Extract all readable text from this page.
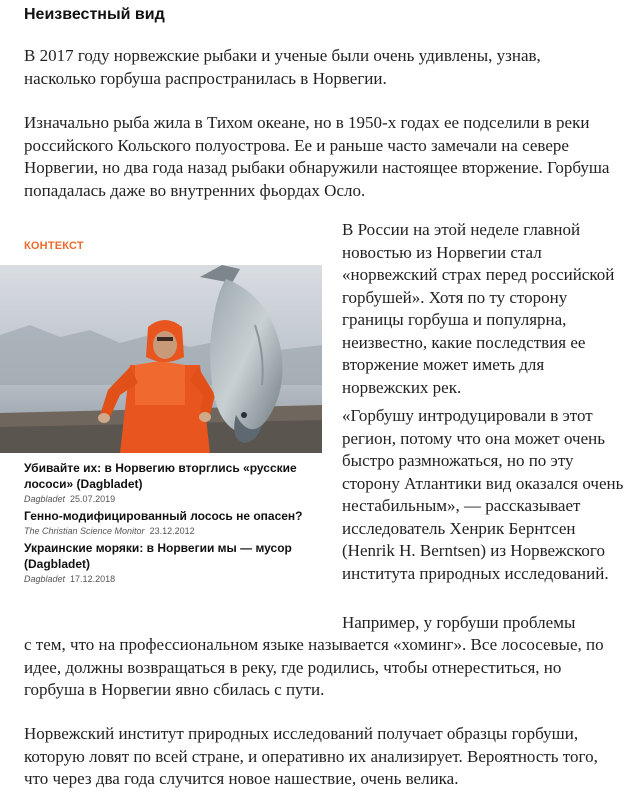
Неизвестный вид

В 2017 году норвежские рыбаки и ученые были очень удивлены, узнав, насколько горбуша распространилась в Норвегии.

Изначально рыба жила в Тихом океане, но в 1950-х годах ее подселили в реки российского Кольского полуострова. Ее и раньше часто замечали на севере Норвегии, но два года назад рыбаки обнаружили настоящее вторжение. Горбуша попадалась даже во внутренних фьордах Осло.

КОНТЕКСТ
Убивайте их: в Норвегию вторглись «русские лососи» (Dagbladet)
Dagbladet 25.07.2019
Генно-модифицированный лосось не опасен?
The Christian Science Monitor 23.12.2012
Украинские моряки: в Норвегии мы — мусор (Dagbladet)
Dagbladet 17.12.2018

В России на этой неделе главной новостью из Норвегии стал «норвежский страх перед российской горбушей». Хотя по ту сторону границы горбуша и популярна, неизвестно, какие последствия ее вторжение может иметь для норвежских рек.

«Горбушу интродуцировали в этот регион, потому что она может очень быстро размножаться, но по эту сторону Атлантики вид оказался очень нестабильным», — рассказывает исследователь Хенрик Бернтсен (Henrik H. Berntsen) из Норвежского института природных исследований.

Например, у горбуши проблемы

с тем, что на профессиональном языке называется «хоминг». Все лососевые, по идее, должны возвращаться в реку, где родились, чтобы отнереститься, но горбуша в Норвегии явно сбилась с пути.

Норвежский институт природных исследований получает образцы горбуши, которую ловят по всей стране, и оперативно их анализирует. Вероятность того, что через два года случится новое нашествие, очень велика.
